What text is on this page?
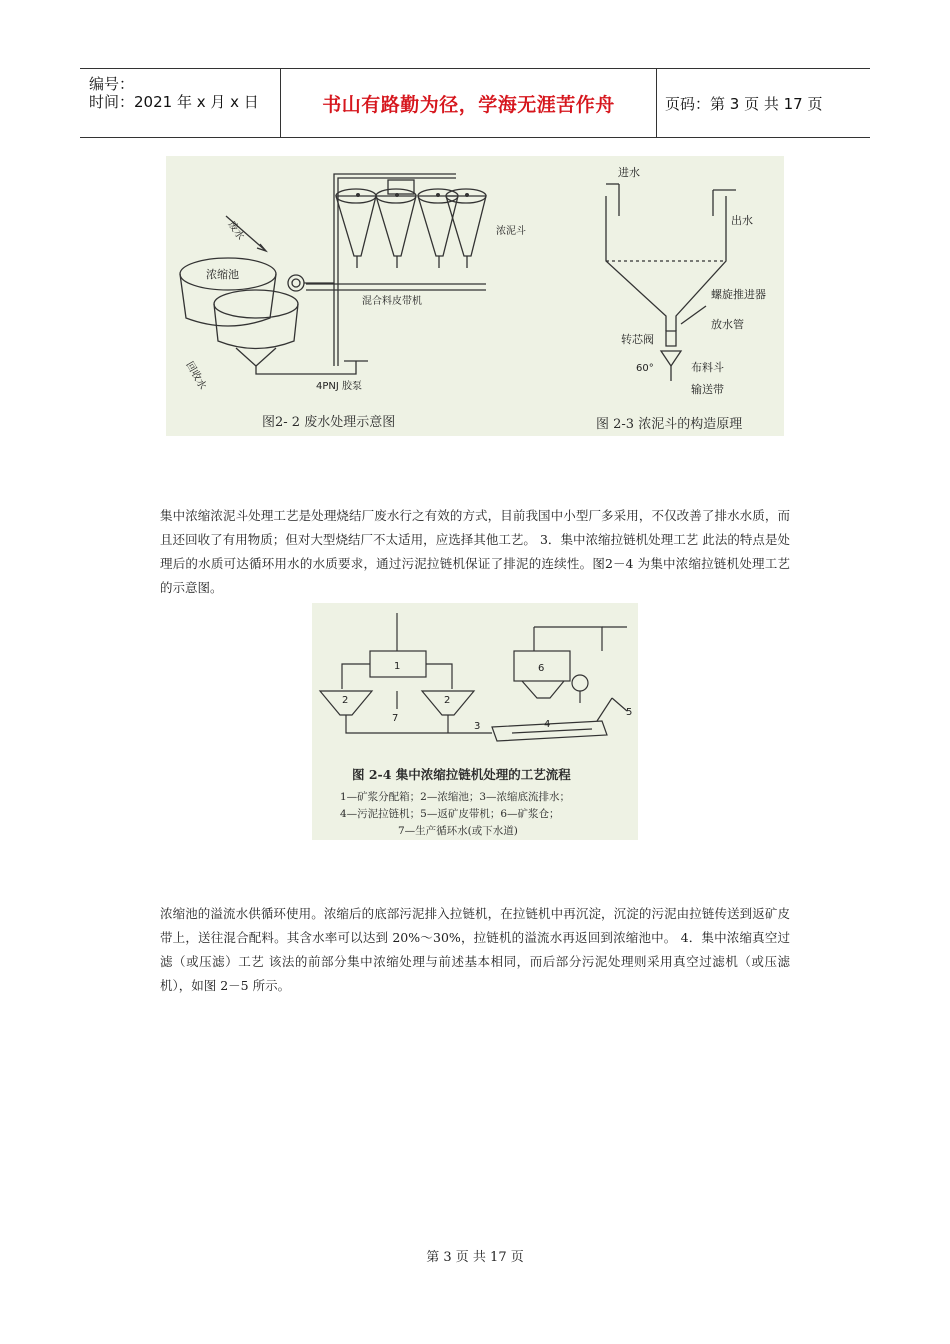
编号：
时间：2021 年 x 月 x 日	书山有路勤为径，学海无涯苦作舟	页码：第 3 页 共 17 页
浓缩池
废水	浓泥斗
混合料皮带机
回收水	4PNJ 胶泵
图2- 2 废水处理示意图
进水
出水
螺旋推进器
放水管
转芯阀
60°	布料斗
输送带
图 2-3 浓泥斗的构造原理
集中浓缩浓泥斗处理工艺是处理烧结厂废水行之有效的方式，目前我国中小型厂多采用，不仅改善了排水水质，而且还回收了有用物质；但对大型烧结厂不太适用，应选择其他工艺。 3．集中浓缩拉链机处理工艺 此法的特点是处理后的水质可达循环用水的水质要求，通过污泥拉链机保证了排泥的连续性。图2－4 为集中浓缩拉链机处理工艺的示意图。
1
2	2
3	4
5
6
7
图 2-4 集中浓缩拉链机处理的工艺流程
1—矿浆分配箱；2—浓缩池；3—浓缩底流排水；
4—污泥拉链机；5—返矿皮带机；6—矿浆仓；
7—生产循环水(或下水道)
浓缩池的溢流水供循环使用。浓缩后的底部污泥排入拉链机，在拉链机中再沉淀，沉淀的污泥由拉链传送到返矿皮带上，送往混合配料。其含水率可以达到 20%～30%，拉链机的溢流水再返回到浓缩池中。 4．集中浓缩真空过滤（或压滤）工艺 该法的前部分集中浓缩处理与前述基本相同，而后部分污泥处理则采用真空过滤机（或压滤机），如图 2－5 所示。
第 3 页 共 17 页
